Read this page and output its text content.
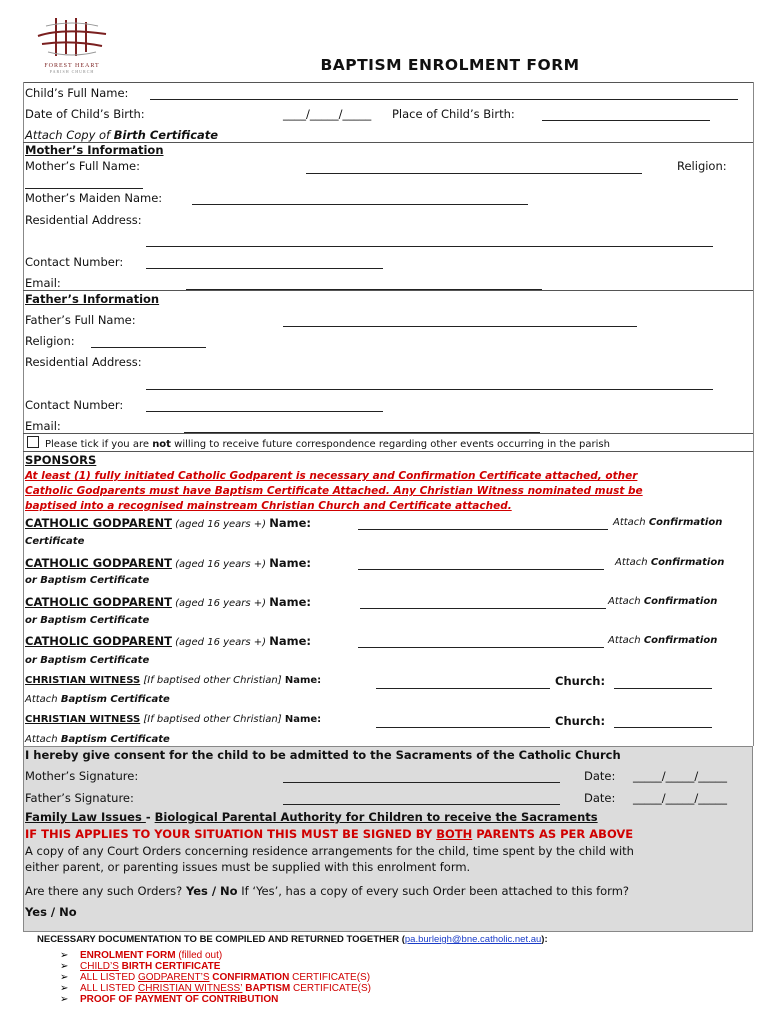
FOREST HEART
PARISH CHURCH	BAPTISM ENROLMENT FORM
Child’s Full Name:
Date of Child’s Birth:	____/_____/_____ Place of Child’s Birth:
Attach Copy of Birth Certificate
Mother’s Information
Mother’s Full Name:	Religion:
Mother’s Maiden Name:
Residential Address:
Contact Number:
Email:
Father’s Information
Father’s Full Name:
Religion:
Residential Address:
Contact Number:
Email:
Please tick if you are not willing to receive future correspondence regarding other events occurring in the parish
SPONSORS
At least (1) fully initiated Catholic Godparent is necessary and Confirmation Certificate attached, other
Catholic Godparents must have Baptism Certificate Attached. Any Christian Witness nominated must be
baptised into a recognised mainstream Christian Church and Certificate attached.
CATHOLIC GODPARENT (aged 16 years +) Name:	Attach Confirmation
Certificate
CATHOLIC GODPARENT (aged 16 years +) Name:	Attach Confirmation
or Baptism Certificate
CATHOLIC GODPARENT (aged 16 years +) Name:	Attach Confirmation
or Baptism Certificate
CATHOLIC GODPARENT (aged 16 years +) Name:	Attach Confirmation
or Baptism Certificate
CHRISTIAN WITNESS [If baptised other Christian] Name:	Church:
Attach Baptism Certificate
CHRISTIAN WITNESS [If baptised other Christian] Name:	Church:
Attach Baptism Certificate
I hereby give consent for the child to be admitted to the Sacraments of the Catholic Church
Mother’s Signature:	Date: _____/_____/_____
Father’s Signature:	Date: _____/_____/_____
Family Law Issues - Biological Parental Authority for Children to receive the Sacraments
IF THIS APPLIES TO YOUR SITUATION THIS MUST BE SIGNED BY BOTH PARENTS AS PER ABOVE
A copy of any Court Orders concerning residence arrangements for the child, time spent by the child with
either parent, or parenting issues must be supplied with this enrolment form.
Are there any such Orders? Yes / No If ‘Yes’, has a copy of every such Order been attached to this form?
Yes / No
NECESSARY DOCUMENTATION TO BE COMPILED AND RETURNED TOGETHER (pa.burleigh@bne.catholic.net.au):
➢ ENROLMENT FORM (filled out)
➢ CHILD’S BIRTH CERTIFICATE
➢ ALL LISTED GODPARENT’S CONFIRMATION CERTIFICATE(S)
➢ ALL LISTED CHRISTIAN WITNESS’ BAPTISM CERTIFICATE(S)
➢ PROOF OF PAYMENT OF CONTRIBUTION
